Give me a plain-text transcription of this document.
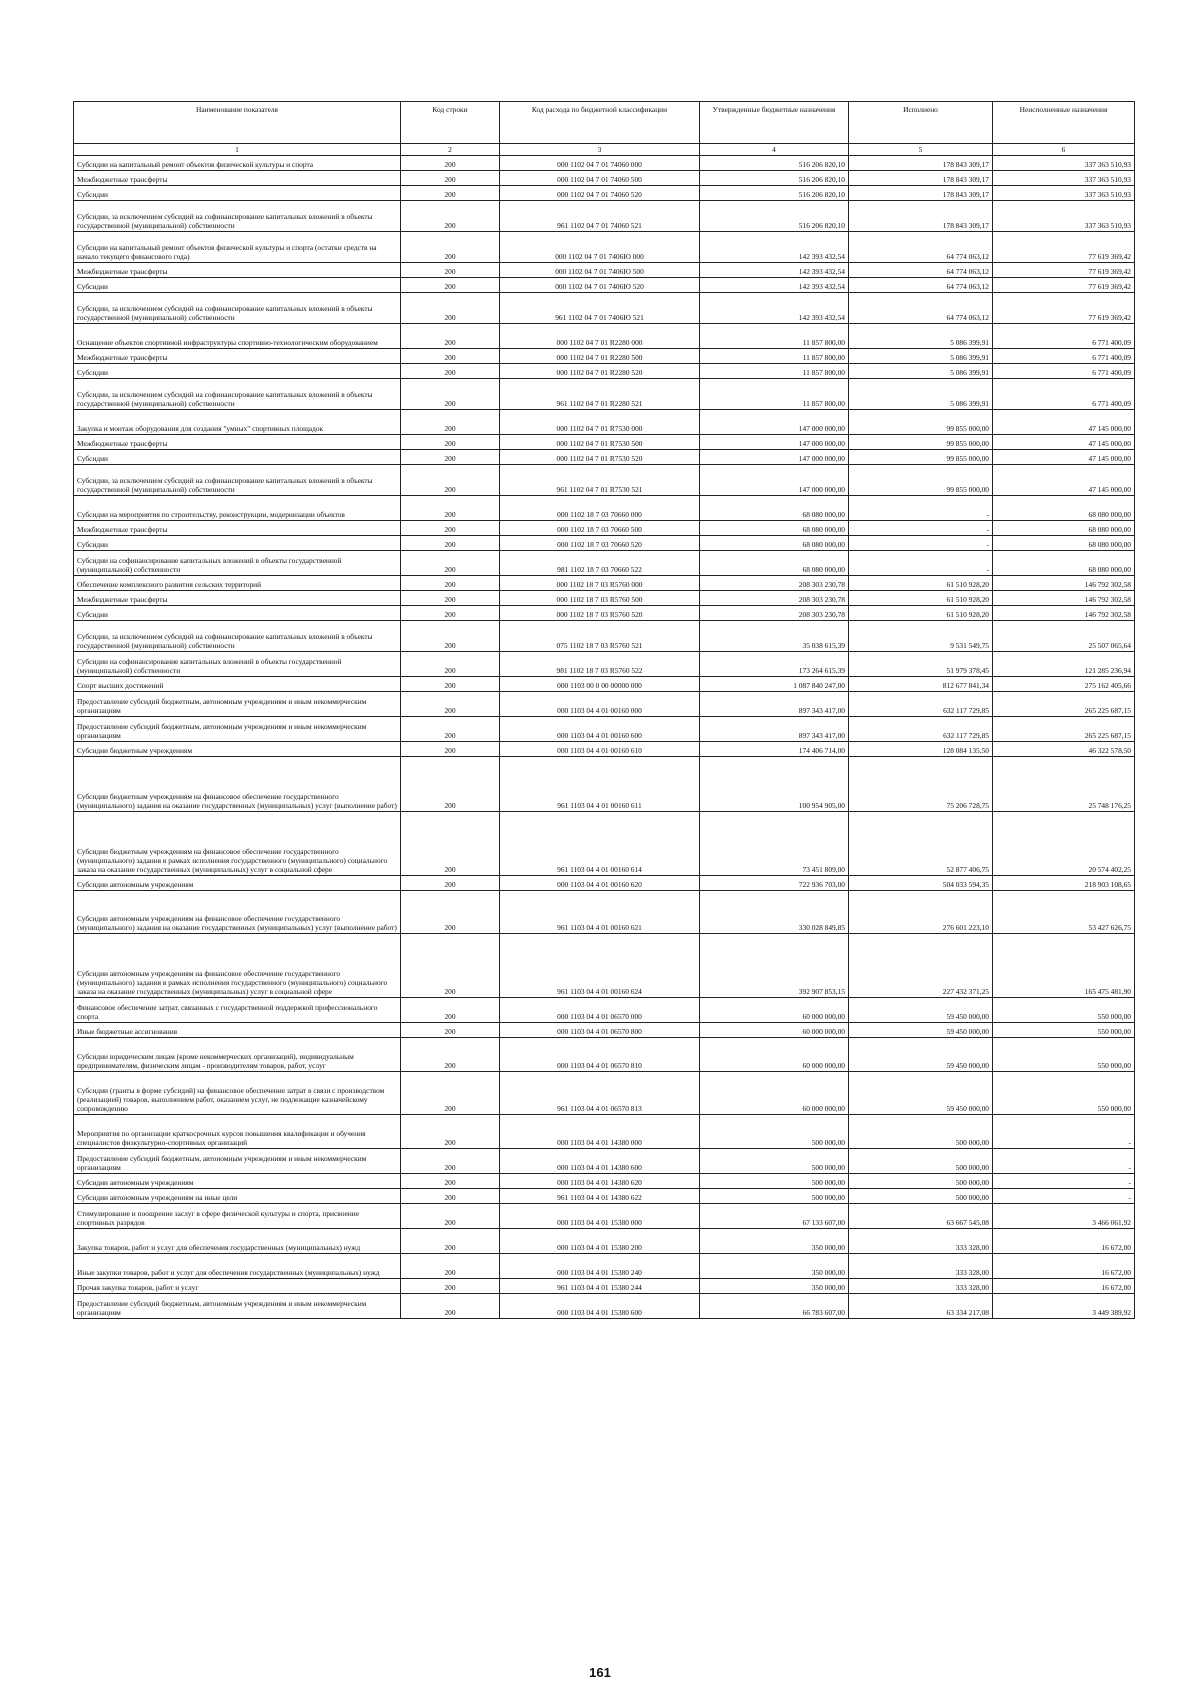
Наименование показателя	Код строки	Код расхода по бюджетной классификации	Утвержденные бюджетные назначения	Исполнено	Неисполненные назначения
1	2	3	4	5	6
Субсидии на капитальный ремонт объектов физической культуры и спорта	200	000 1102 04 7 01 74060 000	516 206 820,10	178 843 309,17	337 363 510,93
Межбюджетные трансферты	200	000 1102 04 7 01 74060 500	516 206 820,10	178 843 309,17	337 363 510,93
Субсидии	200	000 1102 04 7 01 74060 520	516 206 820,10	178 843 309,17	337 363 510,93
Субсидии, за исключением субсидий на софинансирование капитальных вложений в объекты государственной (муниципальной) собственности	200	961 1102 04 7 01 74060 521	516 206 820,10	178 843 309,17	337 363 510,93
Субсидии на капитальный ремонт объектов физической культуры и спорта (остатки средств на начало текущего финансового года)	200	000 1102 04 7 01 7406Ю 000	142 393 432,54	64 774 063,12	77 619 369,42
Межбюджетные трансферты	200	000 1102 04 7 01 7406Ю 500	142 393 432,54	64 774 063,12	77 619 369,42
Субсидии	200	000 1102 04 7 01 7406Ю 520	142 393 432,54	64 774 063,12	77 619 369,42
Субсидии, за исключением субсидий на софинансирование капитальных вложений в объекты государственной (муниципальной) собственности	200	961 1102 04 7 01 7406Ю 521	142 393 432,54	64 774 063,12	77 619 369,42
Оснащение объектов спортивной инфраструктуры спортивно-технологическим оборудованием	200	000 1102 04 7 01 R2280 000	11 857 800,00	5 086 399,91	6 771 400,09
Межбюджетные трансферты	200	000 1102 04 7 01 R2280 500	11 857 800,00	5 086 399,91	6 771 400,09
Субсидии	200	000 1102 04 7 01 R2280 520	11 857 800,00	5 086 399,91	6 771 400,09
Субсидии, за исключением субсидий на софинансирование капитальных вложений в объекты государственной (муниципальной) собственности	200	961 1102 04 7 01 R2280 521	11 857 800,00	5 086 399,91	6 771 400,09
Закупка и монтаж оборудования для создания "умных" спортивных площадок	200	000 1102 04 7 01 R7530 000	147 000 000,00	99 855 000,00	47 145 000,00
Межбюджетные трансферты	200	000 1102 04 7 01 R7530 500	147 000 000,00	99 855 000,00	47 145 000,00
Субсидии	200	000 1102 04 7 01 R7530 520	147 000 000,00	99 855 000,00	47 145 000,00
Субсидии, за исключением субсидий на софинансирование капитальных вложений в объекты государственной (муниципальной) собственности	200	961 1102 04 7 01 R7530 521	147 000 000,00	99 855 000,00	47 145 000,00
Субсидии на мероприятия по строительству, реконструкции, модернизации объектов	200	000 1102 18 7 03 70660 000	68 080 000,00	-	68 080 000,00
Межбюджетные трансферты	200	000 1102 18 7 03 70660 500	68 080 000,00	-	68 080 000,00
Субсидии	200	000 1102 18 7 03 70660 520	68 080 000,00	-	68 080 000,00
Субсидии на софинансирование капитальных вложений в объекты государственной (муниципальной) собственности	200	981 1102 18 7 03 70660 522	68 080 000,00	-	68 080 000,00
Обеспечение комплексного развития сельских территорий	200	000 1102 18 7 03 R5760 000	208 303 230,78	61 510 928,20	146 792 302,58
Межбюджетные трансферты	200	000 1102 18 7 03 R5760 500	208 303 230,78	61 510 928,20	146 792 302,58
Субсидии	200	000 1102 18 7 03 R5760 520	208 303 230,78	61 510 928,20	146 792 302,58
Субсидии, за исключением субсидий на софинансирование капитальных вложений в объекты государственной (муниципальной) собственности	200	075 1102 18 7 03 R5760 521	35 038 615,39	9 531 549,75	25 507 065,64
Субсидии на софинансирование капитальных вложений в объекты государственной (муниципальной) собственности	200	981 1102 18 7 03 R5760 522	173 264 615,39	51 979 378,45	121 285 236,94
Спорт высших достижений	200	000 1103 00 0 00 00000 000	1 087 840 247,00	812 677 841,34	275 162 405,66
Предоставление субсидий бюджетным, автономным учреждениям и иным некоммерческим организациям	200	000 1103 04 4 01 00160 000	897 343 417,00	632 117 729,85	265 225 687,15
Предоставление субсидий бюджетным, автономным учреждениям и иным некоммерческим организациям	200	000 1103 04 4 01 00160 600	897 343 417,00	632 117 729,85	265 225 687,15
Субсидии бюджетным учреждениям	200	000 1103 04 4 01 00160 610	174 406 714,00	128 084 135,50	46 322 578,50
Субсидии бюджетным учреждениям на финансовое обеспечение государственного (муниципального) задания на оказание государственных (муниципальных) услуг (выполнение работ)	200	961 1103 04 4 01 00160 611	100 954 905,00	75 206 728,75	25 748 176,25
Субсидии бюджетным учреждениям на финансовое обеспечение государственного (муниципального) задания в рамках исполнения государственного (муниципального) социального заказа на оказание государственных (муниципальных) услуг в социальной сфере	200	961 1103 04 4 01 00160 614	73 451 809,00	52 877 406,75	20 574 402,25
Субсидии автономным учреждениям	200	000 1103 04 4 01 00160 620	722 936 703,00	504 033 594,35	218 903 108,65
Субсидии автономным учреждениям на финансовое обеспечение государственного (муниципального) задания на оказание государственных (муниципальных) услуг (выполнение работ)	200	961 1103 04 4 01 00160 621	330 028 849,85	276 601 223,10	53 427 626,75
Субсидии автономным учреждениям на финансовое обеспечение государственного (муниципального) задания в рамках исполнения государственного (муниципального) социального заказа на оказание государственных (муниципальных) услуг в социальной сфере	200	961 1103 04 4 01 00160 624	392 907 853,15	227 432 371,25	165 475 481,90
Финансовое обеспечение затрат, связанных с государственной поддержкой профессионального спорта	200	000 1103 04 4 01 06570 000	60 000 000,00	59 450 000,00	550 000,00
Иные бюджетные ассигнования	200	000 1103 04 4 01 06570 800	60 000 000,00	59 450 000,00	550 000,00
Субсидии юридическим лицам (кроме некоммерческих организаций), индивидуальным предпринимателям, физическим лицам - производителям товаров, работ, услуг	200	000 1103 04 4 01 06570 810	60 000 000,00	59 450 000,00	550 000,00
Субсидии (гранты в форме субсидий) на финансовое обеспечение затрат в связи с производством (реализацией) товаров, выполнением работ, оказанием услуг, не подлежащие казначейскому сопровождению	200	961 1103 04 4 01 06570 813	60 000 000,00	59 450 000,00	550 000,00
Мероприятия по организации краткосрочных курсов повышения квалификации и обучения специалистов физкультурно-спортивных организаций	200	000 1103 04 4 01 14380 000	500 000,00	500 000,00	-
Предоставление субсидий бюджетным, автономным учреждениям и иным некоммерческим организациям	200	000 1103 04 4 01 14380 600	500 000,00	500 000,00	-
Субсидии автономным учреждениям	200	000 1103 04 4 01 14380 620	500 000,00	500 000,00	-
Субсидии автономным учреждениям на иные цели	200	961 1103 04 4 01 14380 622	500 000,00	500 000,00	-
Стимулирование и поощрение заслуг в сфере физической культуры и спорта, присвоение спортивных разрядов	200	000 1103 04 4 01 15380 000	67 133 607,00	63 667 545,08	3 466 061,92
Закупка товаров, работ и услуг для обеспечения государственных (муниципальных) нужд	200	000 1103 04 4 01 15380 200	350 000,00	333 328,00	16 672,00
Иные закупки товаров, работ и услуг для обеспечения государственных (муниципальных) нужд	200	000 1103 04 4 01 15380 240	350 000,00	333 328,00	16 672,00
Прочая закупка товаров, работ и услуг	200	961 1103 04 4 01 15380 244	350 000,00	333 328,00	16 672,00
Предоставление субсидий бюджетным, автономным учреждениям и иным некоммерческим организациям	200	000 1103 04 4 01 15380 600	66 783 607,00	63 334 217,08	3 449 389,92
161
